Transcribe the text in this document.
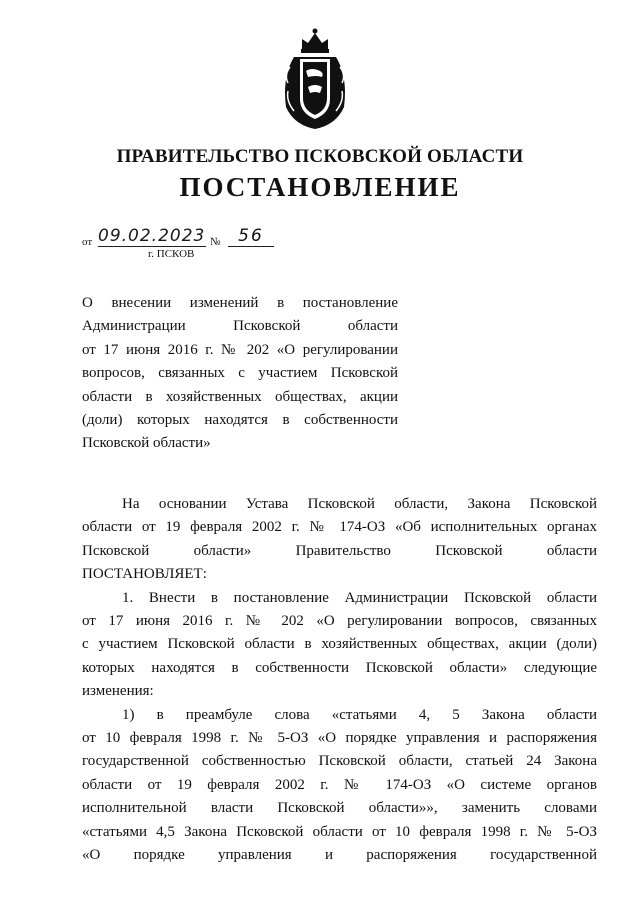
ПРАВИТЕЛЬСТВО ПСКОВСКОЙ ОБЛАСТИ
ПОСТАНОВЛЕНИЕ
от 09.02.2023 №	56
г. ПСКОВ
О внесении изменений в постановление
Администрации Псковской области
от 17 июня 2016 г. № 202 «О регулировании
вопросов, связанных с участием Псковской
области в хозяйственных обществах, акции
(доли) которых находятся в собственности
Псковской области»
На основании Устава Псковской области, Закона Псковской
области от 19 февраля 2002 г. № 174-ОЗ «Об исполнительных органах
Псковской области» Правительство Псковской области
ПОСТАНОВЛЯЕТ:
1. Внести в постановление Администрации Псковской области
от 17 июня 2016 г. № 202 «О регулировании вопросов, связанных
с участием Псковской области в хозяйственных обществах, акции (доли)
которых находятся в собственности Псковской области» следующие
изменения:
1) в преамбуле слова «статьями 4, 5 Закона области
от 10 февраля 1998 г. № 5-ОЗ «О порядке управления и распоряжения
государственной собственностью Псковской области, статьей 24 Закона
области от 19 февраля 2002 г. № 174-ОЗ «О системе органов
исполнительной власти Псковской области»», заменить словами
«статьями 4,5 Закона Псковской области от 10 февраля 1998 г. № 5-ОЗ
«О порядке управления и распоряжения государственной
